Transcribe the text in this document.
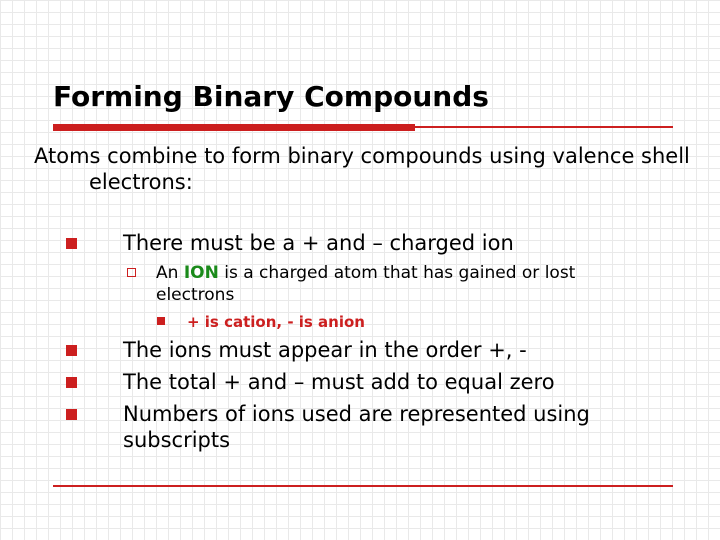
Forming Binary Compounds
Atoms combine to form binary compounds using valence shell electrons:
There must be a + and – charged ion
An ION is a charged atom that has gained or lost electrons
+ is cation, - is anion
The ions must appear in the order +, -
The total + and – must add to equal zero
Numbers of ions used are represented using subscripts
